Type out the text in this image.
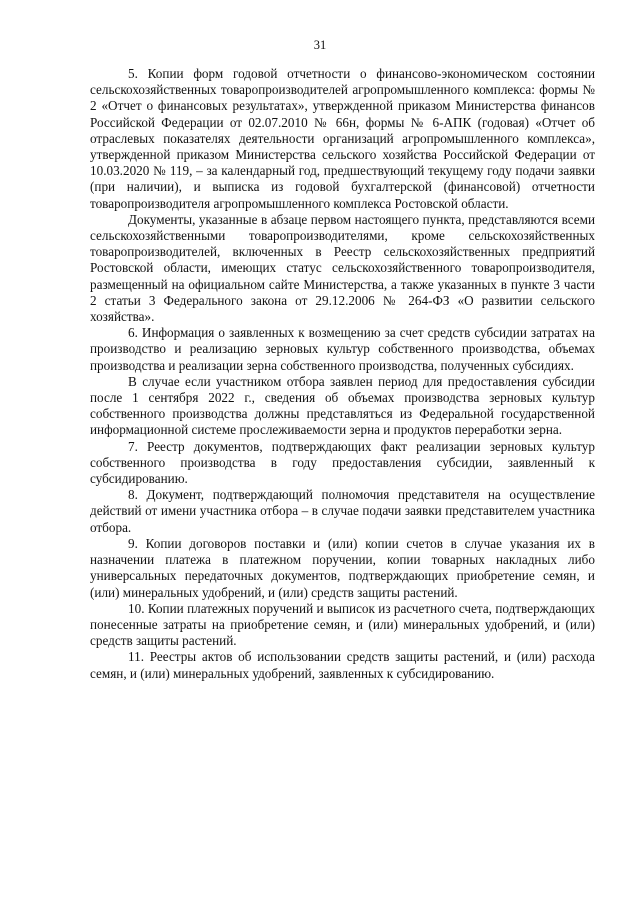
31

5. Копии форм годовой отчетности о финансово-экономическом состоянии сельскохозяйственных товаропроизводителей агропромышленного комплекса: формы № 2 «Отчет о финансовых результатах», утвержденной приказом Министерства финансов Российской Федерации от 02.07.2010 № 66н, формы № 6-АПК (годовая) «Отчет об отраслевых показателях деятельности организаций агропромышленного комплекса», утвержденной приказом Министерства сельского хозяйства Российской Федерации от 10.03.2020 № 119, – за календарный год, предшествующий текущему году подачи заявки (при наличии), и выписка из годовой бухгалтерской (финансовой) отчетности товаропроизводителя агропромышленного комплекса Ростовской области.

Документы, указанные в абзаце первом настоящего пункта, представляются всеми сельскохозяйственными товаропроизводителями, кроме сельскохозяйственных товаропроизводителей, включенных в Реестр сельскохозяйственных предприятий Ростовской области, имеющих статус сельскохозяйственного товаропроизводителя, размещенный на официальном сайте Министерства, а также указанных в пункте 3 части 2 статьи 3 Федерального закона от 29.12.2006 № 264-ФЗ «О развитии сельского хозяйства».

6. Информация о заявленных к возмещению за счет средств субсидии затратах на производство и реализацию зерновых культур собственного производства, объемах производства и реализации зерна собственного производства, полученных субсидиях.

В случае если участником отбора заявлен период для предоставления субсидии после 1 сентября 2022 г., сведения об объемах производства зерновых культур собственного производства должны представляться из Федеральной государственной информационной системе прослеживаемости зерна и продуктов переработки зерна.

7. Реестр документов, подтверждающих факт реализации зерновых культур собственного производства в году предоставления субсидии, заявленный к субсидированию.

8. Документ, подтверждающий полномочия представителя на осуществление действий от имени участника отбора – в случае подачи заявки представителем участника отбора.

9. Копии договоров поставки и (или) копии счетов в случае указания их в назначении платежа в платежном поручении, копии товарных накладных либо универсальных передаточных документов, подтверждающих приобретение семян, и (или) минеральных удобрений, и (или) средств защиты растений.

10. Копии платежных поручений и выписок из расчетного счета, подтверждающих понесенные затраты на приобретение семян, и (или) минеральных удобрений, и (или) средств защиты растений.

11. Реестры актов об использовании средств защиты растений, и (или) расхода семян, и (или) минеральных удобрений, заявленных к субсидированию.
